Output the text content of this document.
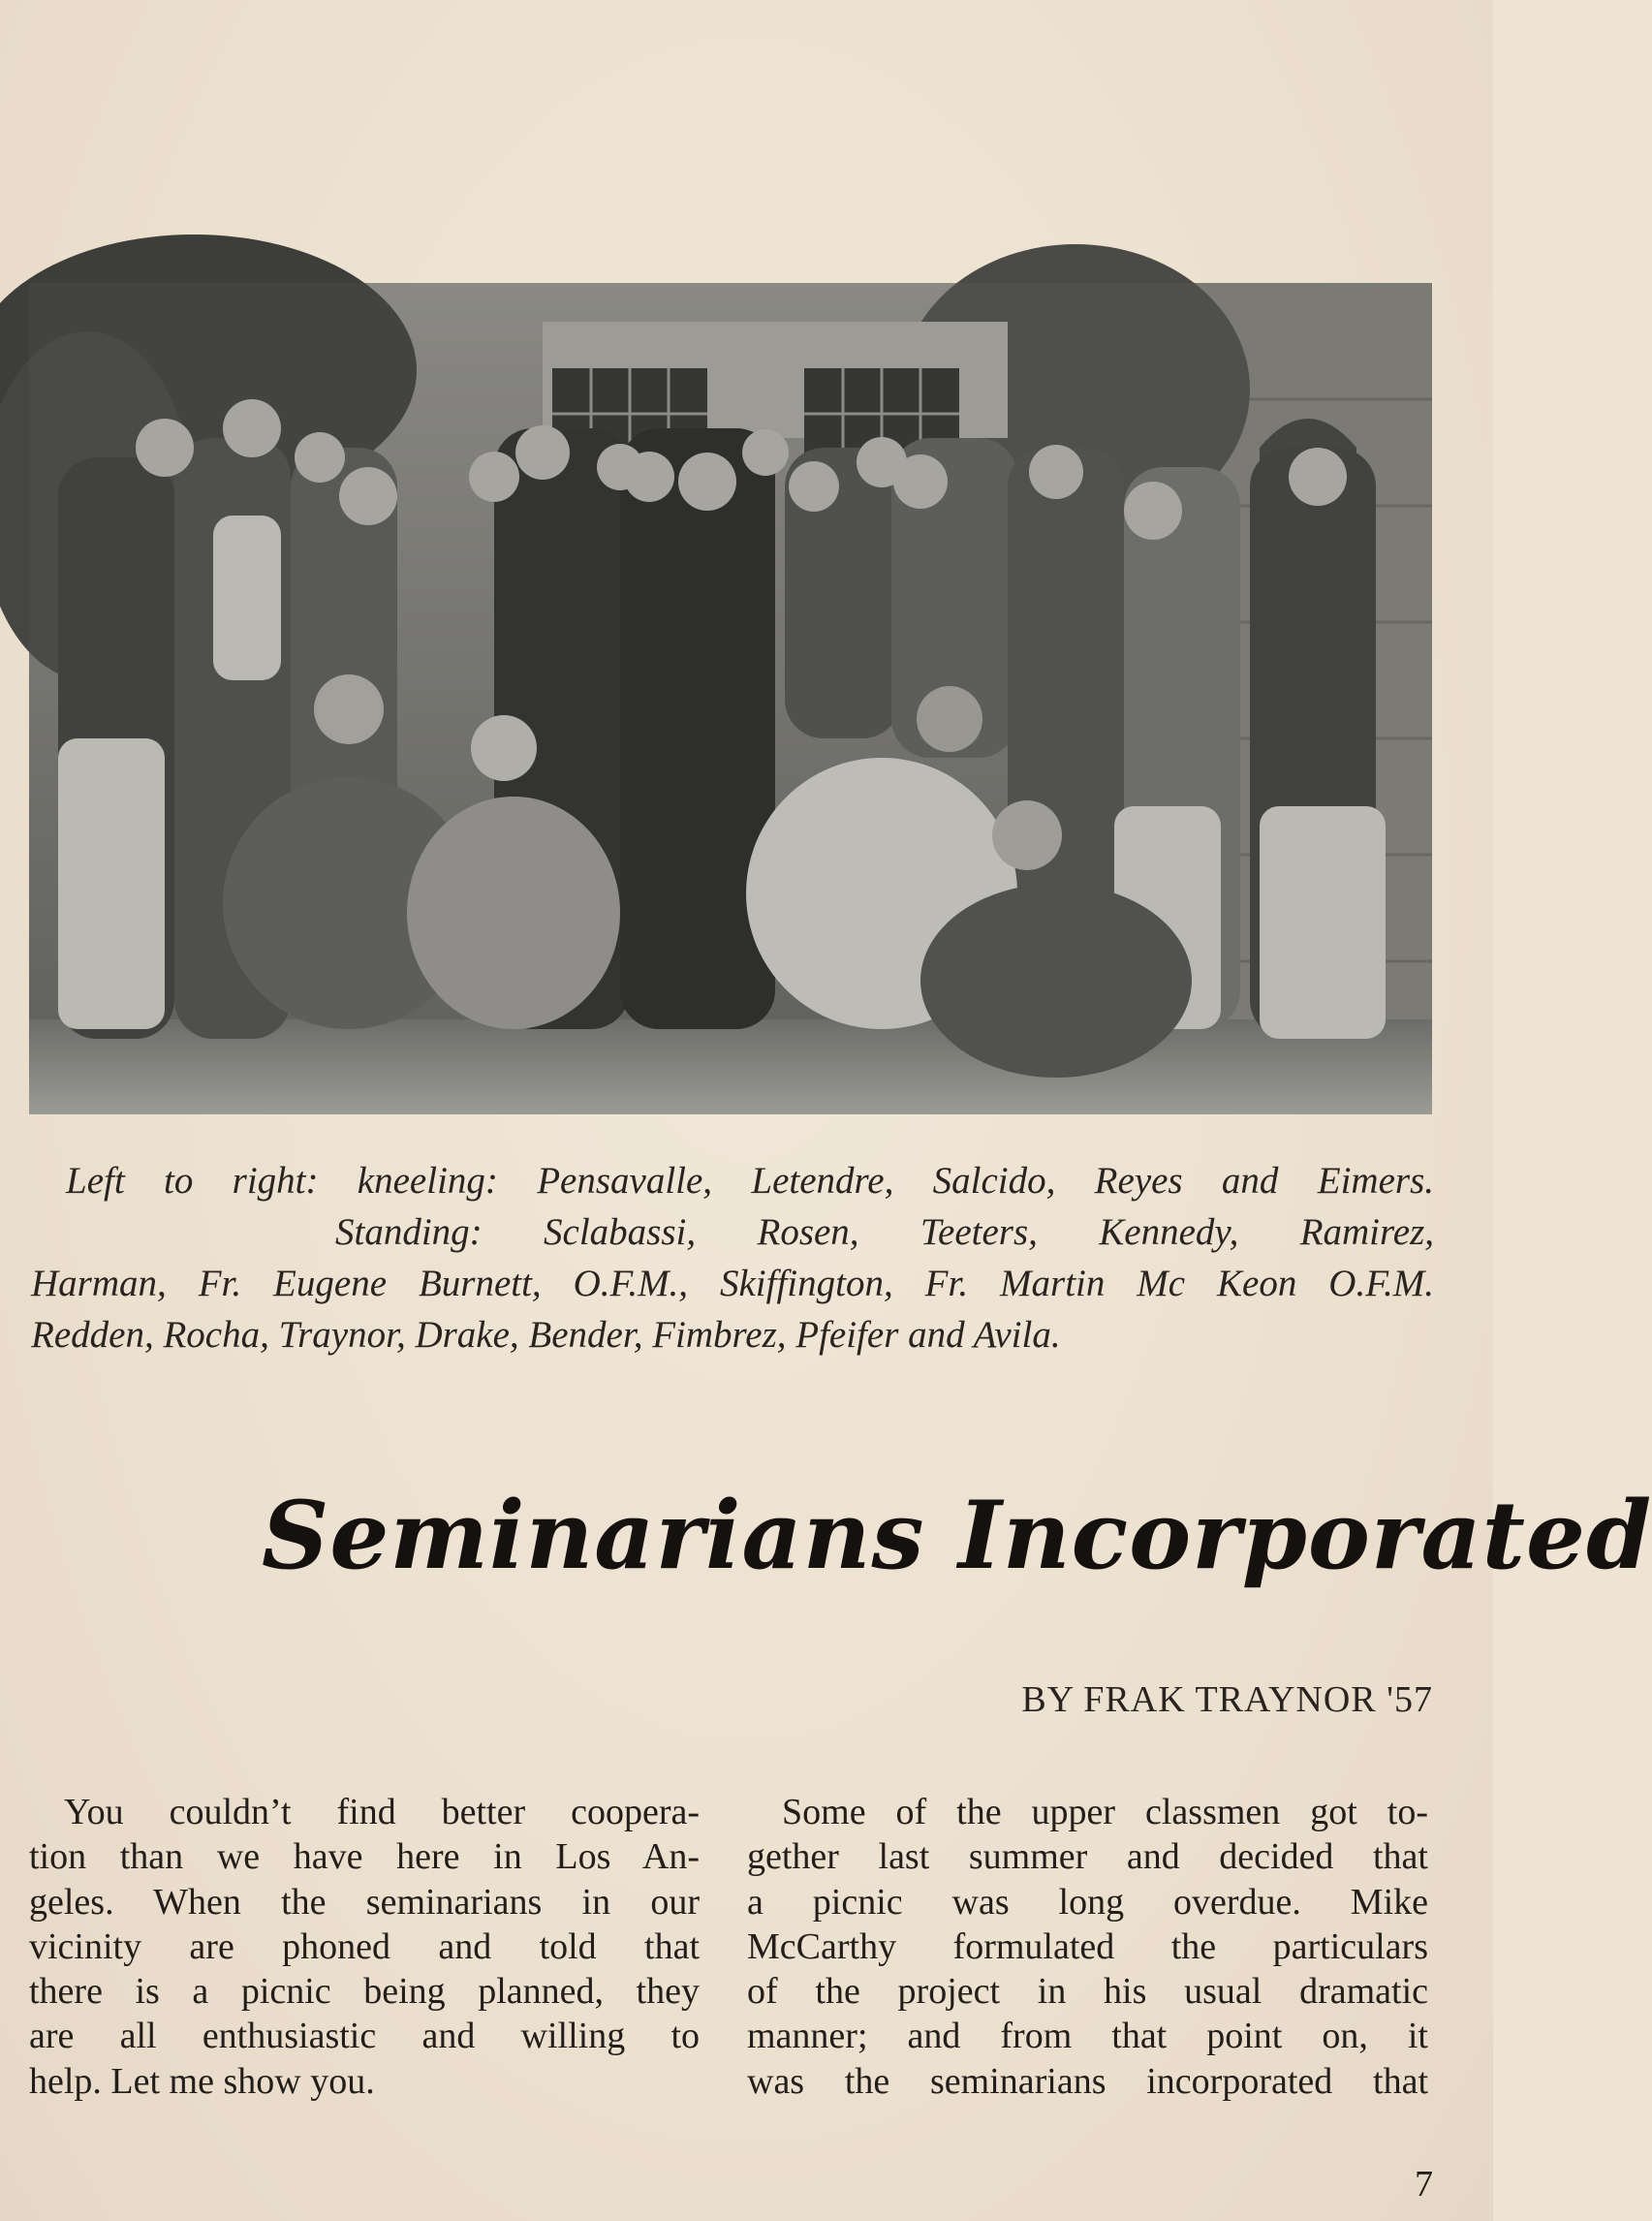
Left to right: kneeling: Pensavalle, Letendre, Salcido, Reyes and Eimers.
Standing: Sclabassi, Rosen, Teeters, Kennedy, Ramirez,
Harman, Fr. Eugene Burnett, O.F.M., Skiffington, Fr. Martin Mc Keon O.F.M.
Redden, Rocha, Traynor, Drake, Bender, Fimbrez, Pfeifer and Avila.
Seminarians Incorporated
BY FRAK TRAYNOR '57
You couldn’t find better coopera-
tion than we have here in Los An-
geles. When the seminarians in our
vicinity are phoned and told that
there is a picnic being planned, they
are all enthusiastic and willing to
help. Let me show you.
Some of the upper classmen got to-
gether last summer and decided that
a picnic was long overdue. Mike
McCarthy formulated the particulars
of the project in his usual dramatic
manner; and from that point on, it
was the seminarians incorporated that
7
